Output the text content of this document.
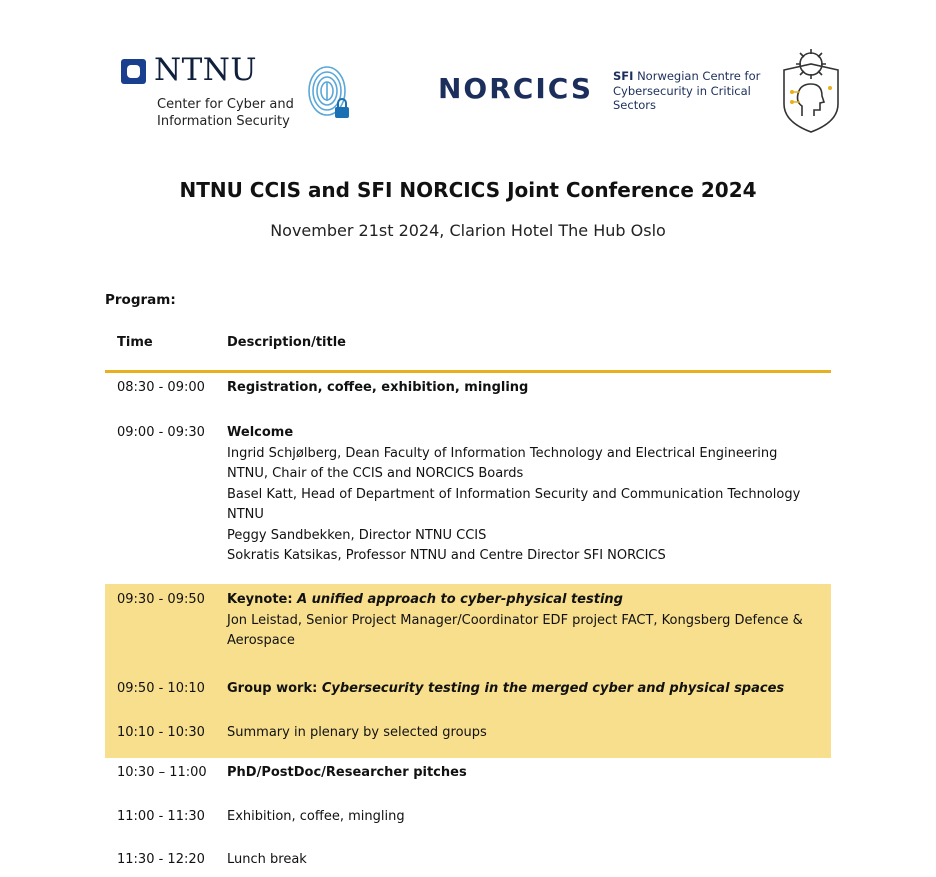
NTNU
Center for Cyber and
Information Security
NORCICS SFI Norwegian Centre for Cybersecurity in Critical Sectors
NTNU CCIS and SFI NORCICS Joint Conference 2024
November 21st 2024, Clarion Hotel The Hub Oslo
Program:
Time	Description/title
08:30 - 09:00	Registration, coffee, exhibition, mingling
09:00 - 09:30	Welcome
Ingrid Schjølberg, Dean Faculty of Information Technology and Electrical Engineering NTNU, Chair of the CCIS and NORCICS Boards
Basel Katt, Head of Department of Information Security and Communication Technology NTNU
Peggy Sandbekken, Director NTNU CCIS
Sokratis Katsikas, Professor NTNU and Centre Director SFI NORCICS
09:30 - 09:50	Keynote: A unified approach to cyber-physical testing
Jon Leistad, Senior Project Manager/Coordinator EDF project FACT, Kongsberg Defence & Aerospace
09:50 - 10:10	Group work: Cybersecurity testing in the merged cyber and physical spaces
10:10 - 10:30	Summary in plenary by selected groups
10:30 – 11:00	PhD/PostDoc/Researcher pitches
11:00 - 11:30	Exhibition, coffee, mingling
11:30 - 12:20	Lunch break
